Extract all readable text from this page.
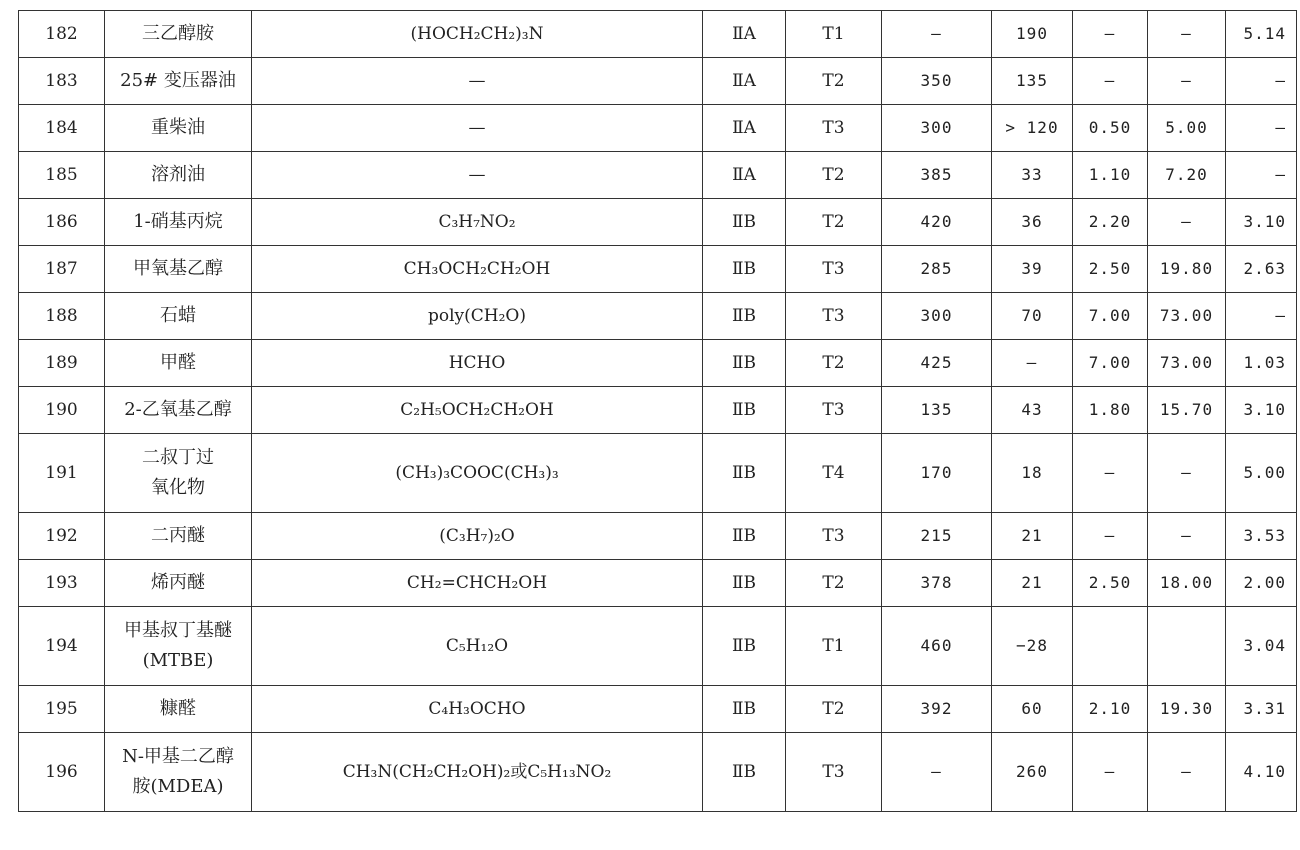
182	三乙醇胺	(HOCH₂CH₂)₃N	ⅡA	T1	—	190	—	—	5.14
183	25# 变压器油	—	ⅡA	T2	350	135	—	—	—
184	重柴油	—	ⅡA	T3	300	> 120	0.50	5.00	—
185	溶剂油	—	ⅡA	T2	385	33	1.10	7.20	—
186	1-硝基丙烷	C₃H₇NO₂	ⅡB	T2	420	36	2.20	—	3.10
187	甲氧基乙醇	CH₃OCH₂CH₂OH	ⅡB	T3	285	39	2.50	19.80	2.63
188	石蜡	poly(CH₂O)	ⅡB	T3	300	70	7.00	73.00	—
189	甲醛	HCHO	ⅡB	T2	425	—	7.00	73.00	1.03
190	2-乙氧基乙醇	C₂H₅OCH₂CH₂OH	ⅡB	T3	135	43	1.80	15.70	3.10
191	二叔丁过氧化物	(CH₃)₃COOC(CH₃)₃	ⅡB	T4	170	18	—	—	5.00
192	二丙醚	(C₃H₇)₂O	ⅡB	T3	215	21	—	—	3.53
193	烯丙醚	CH₂=CHCH₂OH	ⅡB	T2	378	21	2.50	18.00	2.00
194	甲基叔丁基醚(MTBE)	C₅H₁₂O	ⅡB	T1	460	−28			3.04
195	糠醛	C₄H₃OCHO	ⅡB	T2	392	60	2.10	19.30	3.31
196	N-甲基二乙醇胺(MDEA)	CH₃N(CH₂CH₂OH)₂或C₅H₁₃NO₂	ⅡB	T3	—	260	—	—	4.10
